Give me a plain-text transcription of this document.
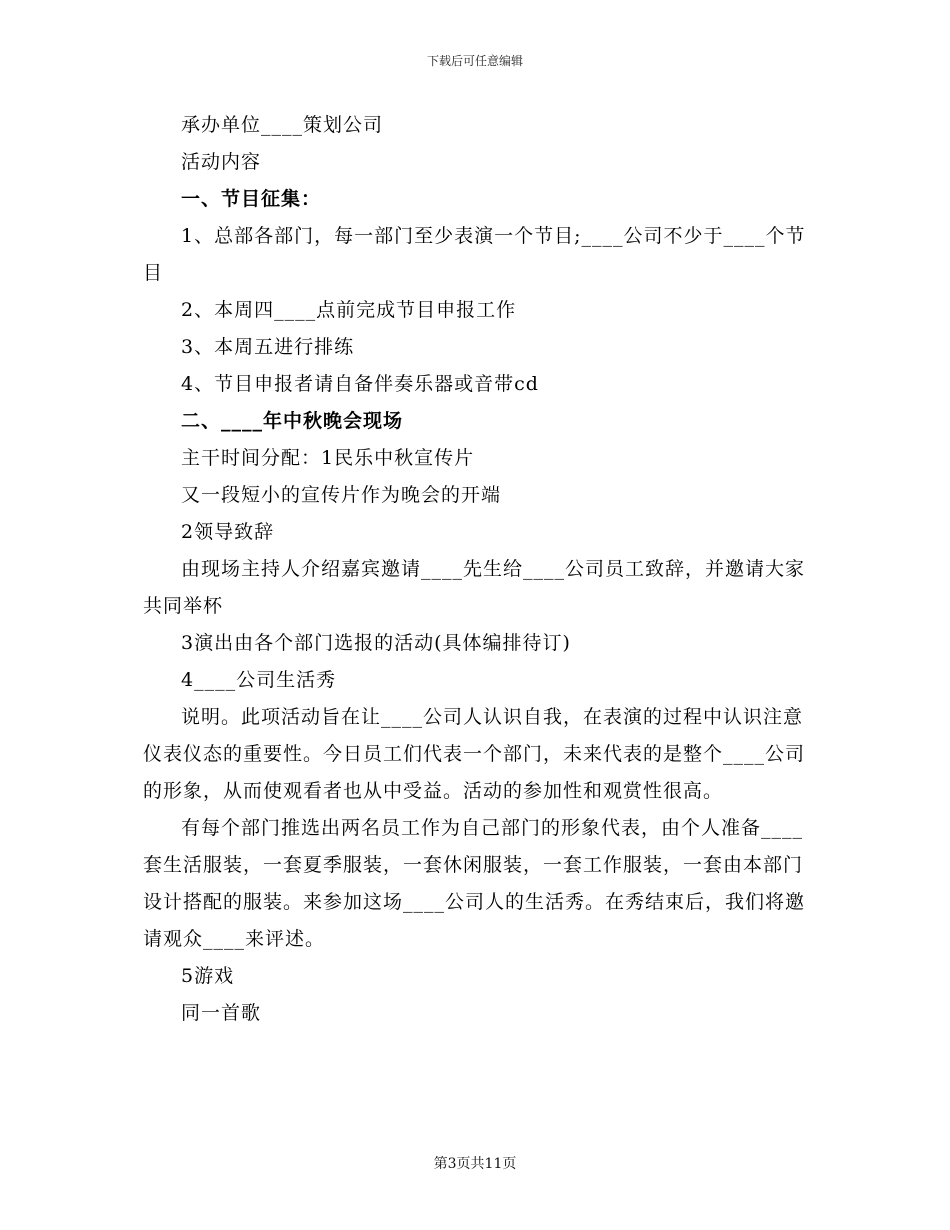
下载后可任意编辑

承办单位____策划公司

活动内容

一、节目征集：

1、总部各部门，每一部门至少表演一个节目;____公司不少于____个节目

2、本周四____点前完成节目申报工作

3、本周五进行排练

4、节目申报者请自备伴奏乐器或音带cd

二、____年中秋晚会现场

主干时间分配：1民乐中秋宣传片

又一段短小的宣传片作为晚会的开端

2领导致辞

由现场主持人介绍嘉宾邀请____先生给____公司员工致辞，并邀请大家共同举杯

3演出由各个部门选报的活动(具体编排待订)

4____公司生活秀

说明。此项活动旨在让____公司人认识自我，在表演的过程中认识注意仪表仪态的重要性。今日员工们代表一个部门，未来代表的是整个____公司的形象，从而使观看者也从中受益。活动的参加性和观赏性很高。

有每个部门推选出两名员工作为自己部门的形象代表，由个人准备____套生活服装，一套夏季服装，一套休闲服装，一套工作服装，一套由本部门设计搭配的服装。来参加这场____公司人的生活秀。在秀结束后，我们将邀请观众____来评述。

5游戏

同一首歌

第3页共11页
